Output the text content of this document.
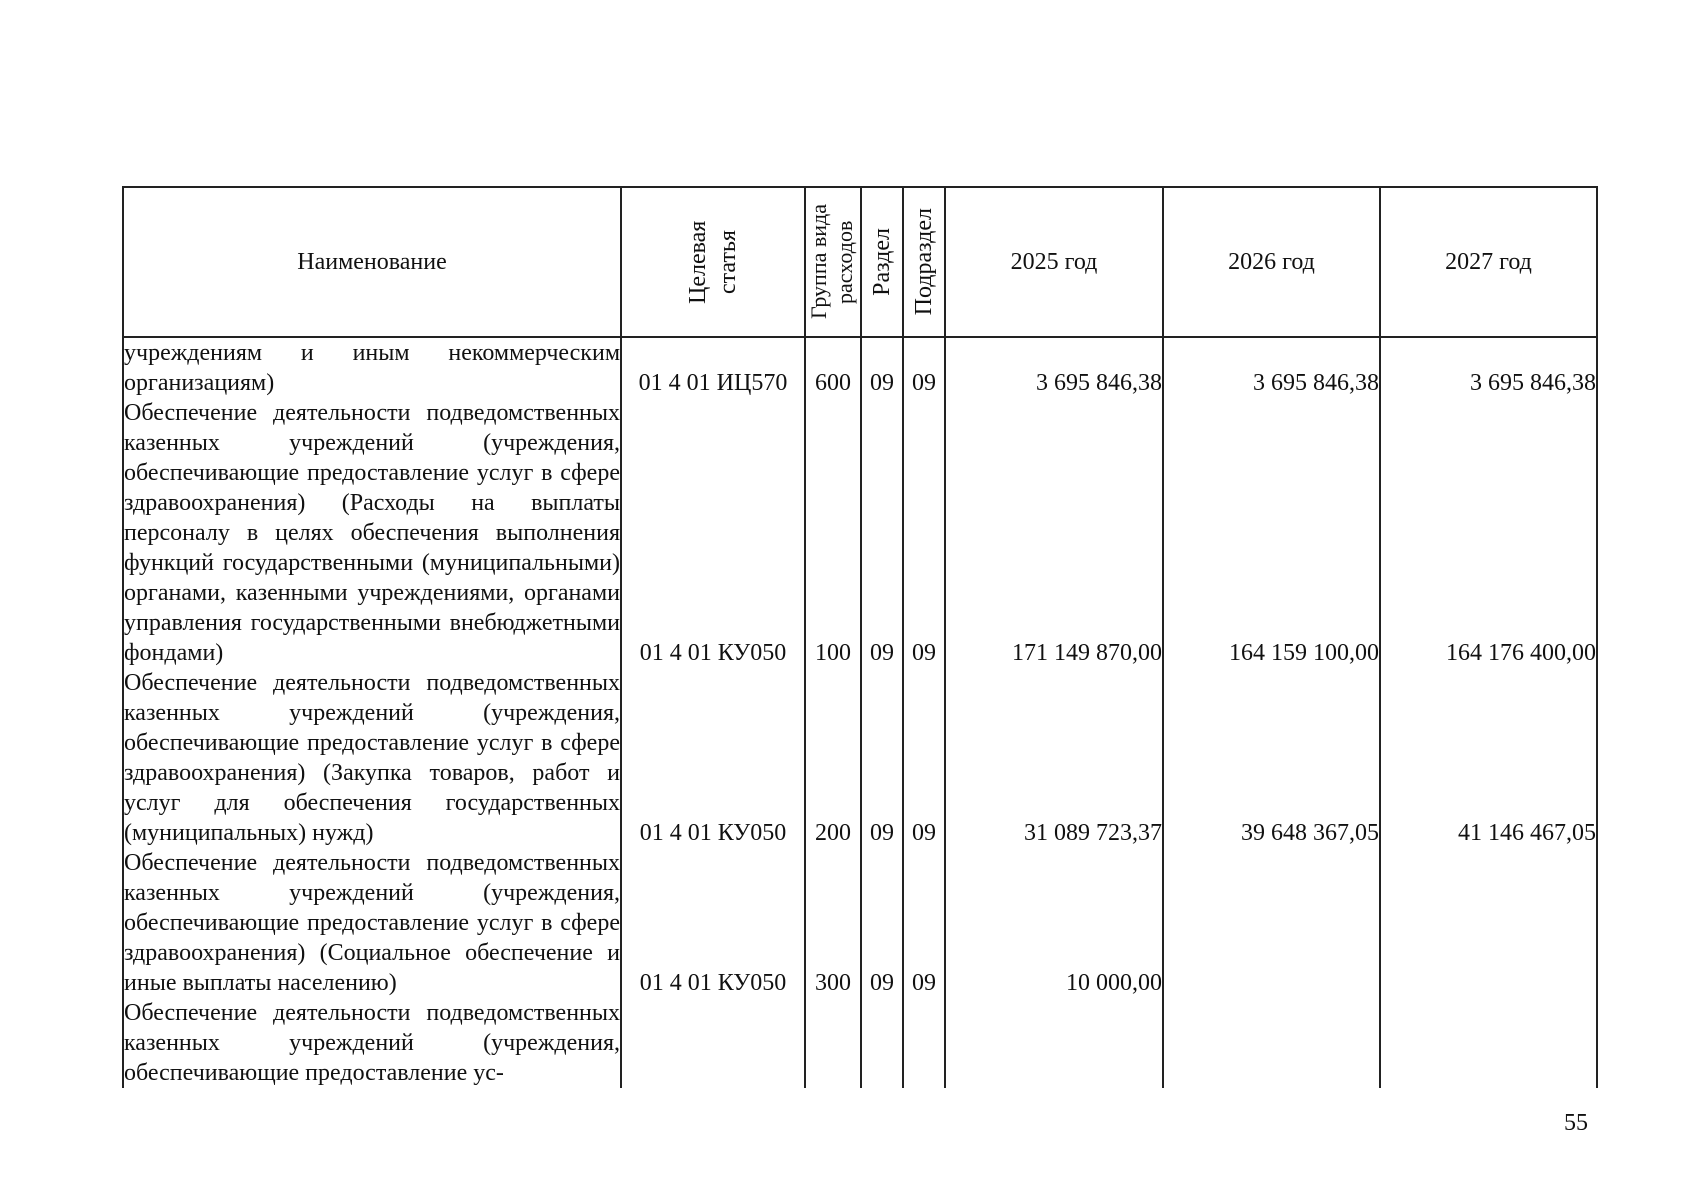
Наименование	Целевая статья	Группа вида расходов	Раздел	Подраздел	2025 год	2026 год	2027 год

учреждениям и иным некоммерческим организациям)	01 4 01 ИЦ570	600	09	09	3 695 846,38	3 695 846,38	3 695 846,38

Обеспечение деятельности подведомственных казенных учреждений (учреждения, обеспечивающие предоставление услуг в сфере здравоохранения) (Расходы на выплаты персоналу в целях обеспечения выполнения функций государственными (муниципальными) органами, казенными учреждениями, органами управления государственными внебюджетными фондами)	01 4 01 КУ050	100	09	09	171 149 870,00	164 159 100,00	164 176 400,00

Обеспечение деятельности подведомственных казенных учреждений (учреждения, обеспечивающие предоставление услуг в сфере здравоохранения) (Закупка товаров, работ и услуг для обеспечения государственных (муниципальных) нужд)	01 4 01 КУ050	200	09	09	31 089 723,37	39 648 367,05	41 146 467,05

Обеспечение деятельности подведомственных казенных учреждений (учреждения, обеспечивающие предоставление услуг в сфере здравоохранения) (Социальное обеспечение и иные выплаты населению)	01 4 01 КУ050	300	09	09	10 000,00		

Обеспечение деятельности подведомственных казенных учреждений (учреждения, обеспечивающие предоставление ус-							

55
